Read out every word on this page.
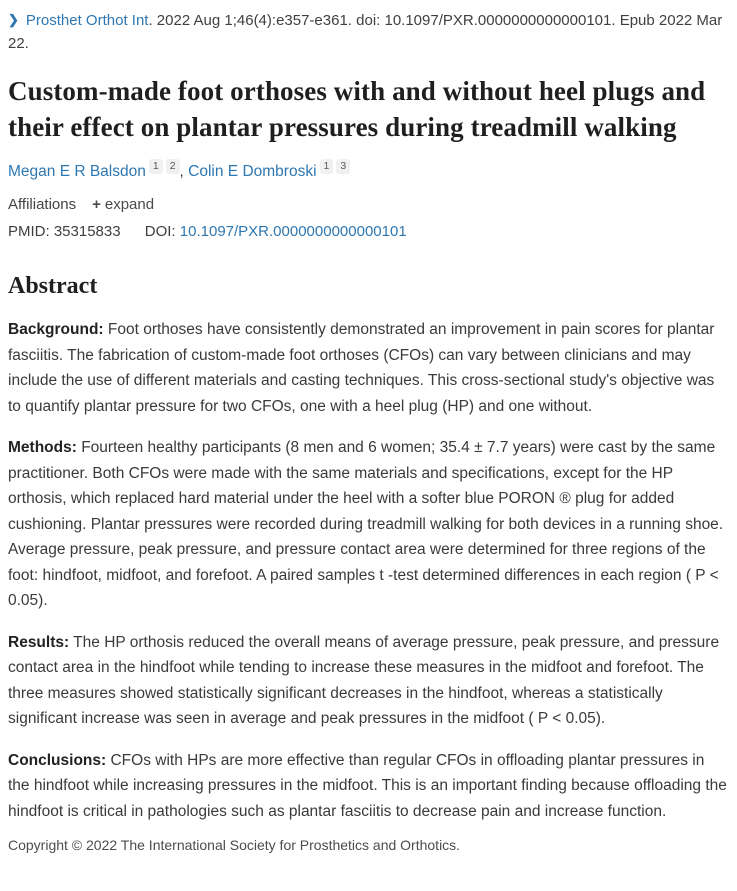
❯ Prosthet Orthot Int. 2022 Aug 1;46(4):e357-e361. doi: 10.1097/PXR.0000000000000101. Epub 2022 Mar 22.
Custom-made foot orthoses with and without heel plugs and their effect on plantar pressures during treadmill walking
Megan E R Balsdon 1 2 , Colin E Dombroski 1 3
Affiliations + expand
PMID: 35315833 DOI: 10.1097/PXR.0000000000000101
Abstract

Background: Foot orthoses have consistently demonstrated an improvement in pain scores for plantar fasciitis. The fabrication of custom-made foot orthoses (CFOs) can vary between clinicians and may include the use of different materials and casting techniques. This cross-sectional study's objective was to quantify plantar pressure for two CFOs, one with a heel plug (HP) and one without.

Methods: Fourteen healthy participants (8 men and 6 women; 35.4 ± 7.7 years) were cast by the same practitioner. Both CFOs were made with the same materials and specifications, except for the HP orthosis, which replaced hard material under the heel with a softer blue PORON ® plug for added cushioning. Plantar pressures were recorded during treadmill walking for both devices in a running shoe. Average pressure, peak pressure, and pressure contact area were determined for three regions of the foot: hindfoot, midfoot, and forefoot. A paired samples t -test determined differences in each region ( P < 0.05).

Results: The HP orthosis reduced the overall means of average pressure, peak pressure, and pressure contact area in the hindfoot while tending to increase these measures in the midfoot and forefoot. The three measures showed statistically significant decreases in the hindfoot, whereas a statistically significant increase was seen in average and peak pressures in the midfoot ( P < 0.05).

Conclusions: CFOs with HPs are more effective than regular CFOs in offloading plantar pressures in the hindfoot while increasing pressures in the midfoot. This is an important finding because offloading the hindfoot is critical in pathologies such as plantar fasciitis to decrease pain and increase function.

Copyright © 2022 The International Society for Prosthetics and Orthotics.
